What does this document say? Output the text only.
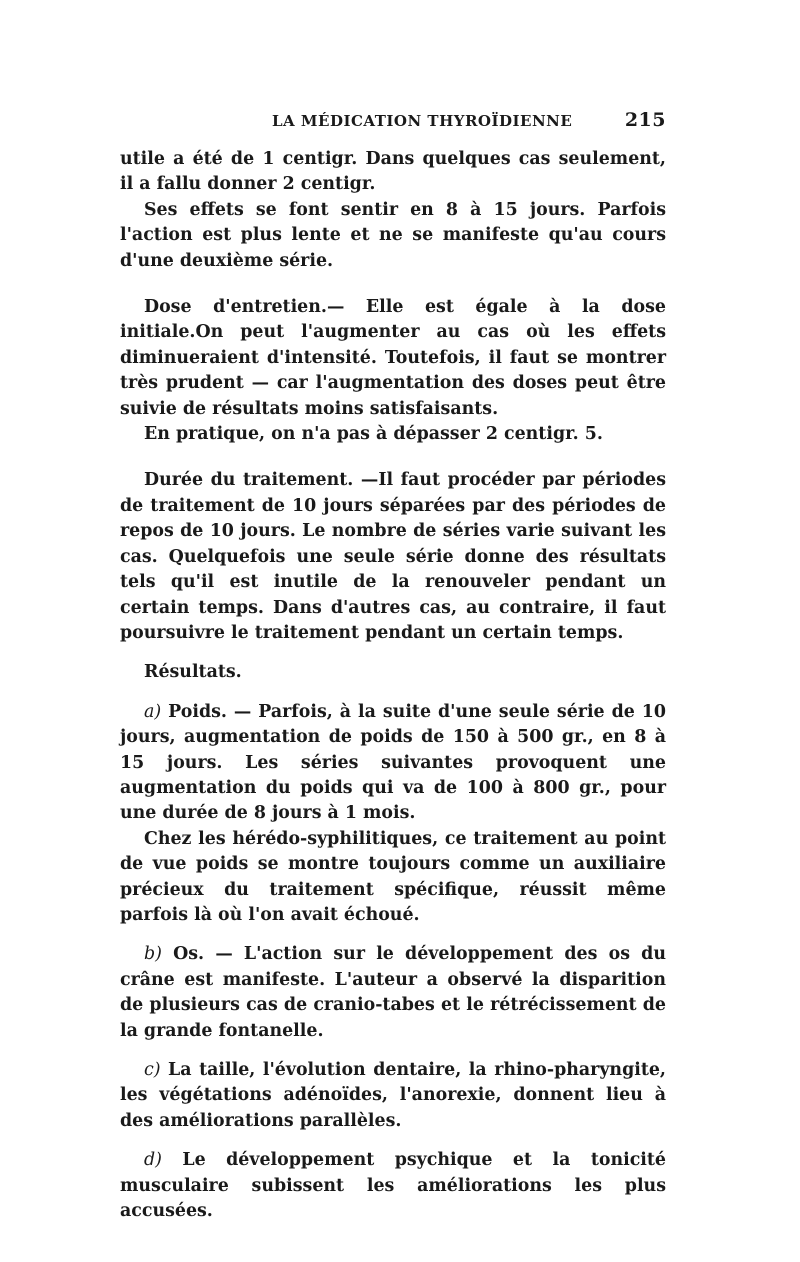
LA MÉDICATION THYROÏDIENNE	215

utile a été de 1 centigr. Dans quelques cas seulement, il a fallu donner 2 centigr.

Ses effets se font sentir en 8 à 15 jours. Parfois l'action est plus lente et ne se manifeste qu'au cours d'une deuxième série.

Dose d'entretien.— Elle est égale à la dose initiale.On peut l'augmenter au cas où les effets diminueraient d'intensité. Toutefois, il faut se montrer très prudent — car l'augmentation des doses peut être suivie de résultats moins satisfaisants.

En pratique, on n'a pas à dépasser 2 centigr. 5.

Durée du traitement. —Il faut procéder par périodes de traitement de 10 jours séparées par des périodes de repos de 10 jours. Le nombre de séries varie suivant les cas. Quelquefois une seule série donne des résultats tels qu'il est inutile de la renouveler pendant un certain temps. Dans d'autres cas, au contraire, il faut poursuivre le traitement pendant un certain temps.

Résultats.

a) Poids. — Parfois, à la suite d'une seule série de 10 jours, augmentation de poids de 150 à 500 gr., en 8 à 15 jours. Les séries suivantes provoquent une augmentation du poids qui va de 100 à 800 gr., pour une durée de 8 jours à 1 mois.

Chez les hérédo-syphilitiques, ce traitement au point de vue poids se montre toujours comme un auxiliaire précieux du traitement spécifique, réussit même parfois là où l'on avait échoué.

b) Os. — L'action sur le développement des os du crâne est manifeste. L'auteur a observé la disparition de plusieurs cas de cranio-tabes et le rétrécissement de la grande fontanelle.

c) La taille, l'évolution dentaire, la rhino-pharyngite, les végétations adénoïdes, l'anorexie, donnent lieu à des améliorations parallèles.

d) Le développement psychique et la tonicité musculaire subissent les améliorations les plus accusées.
